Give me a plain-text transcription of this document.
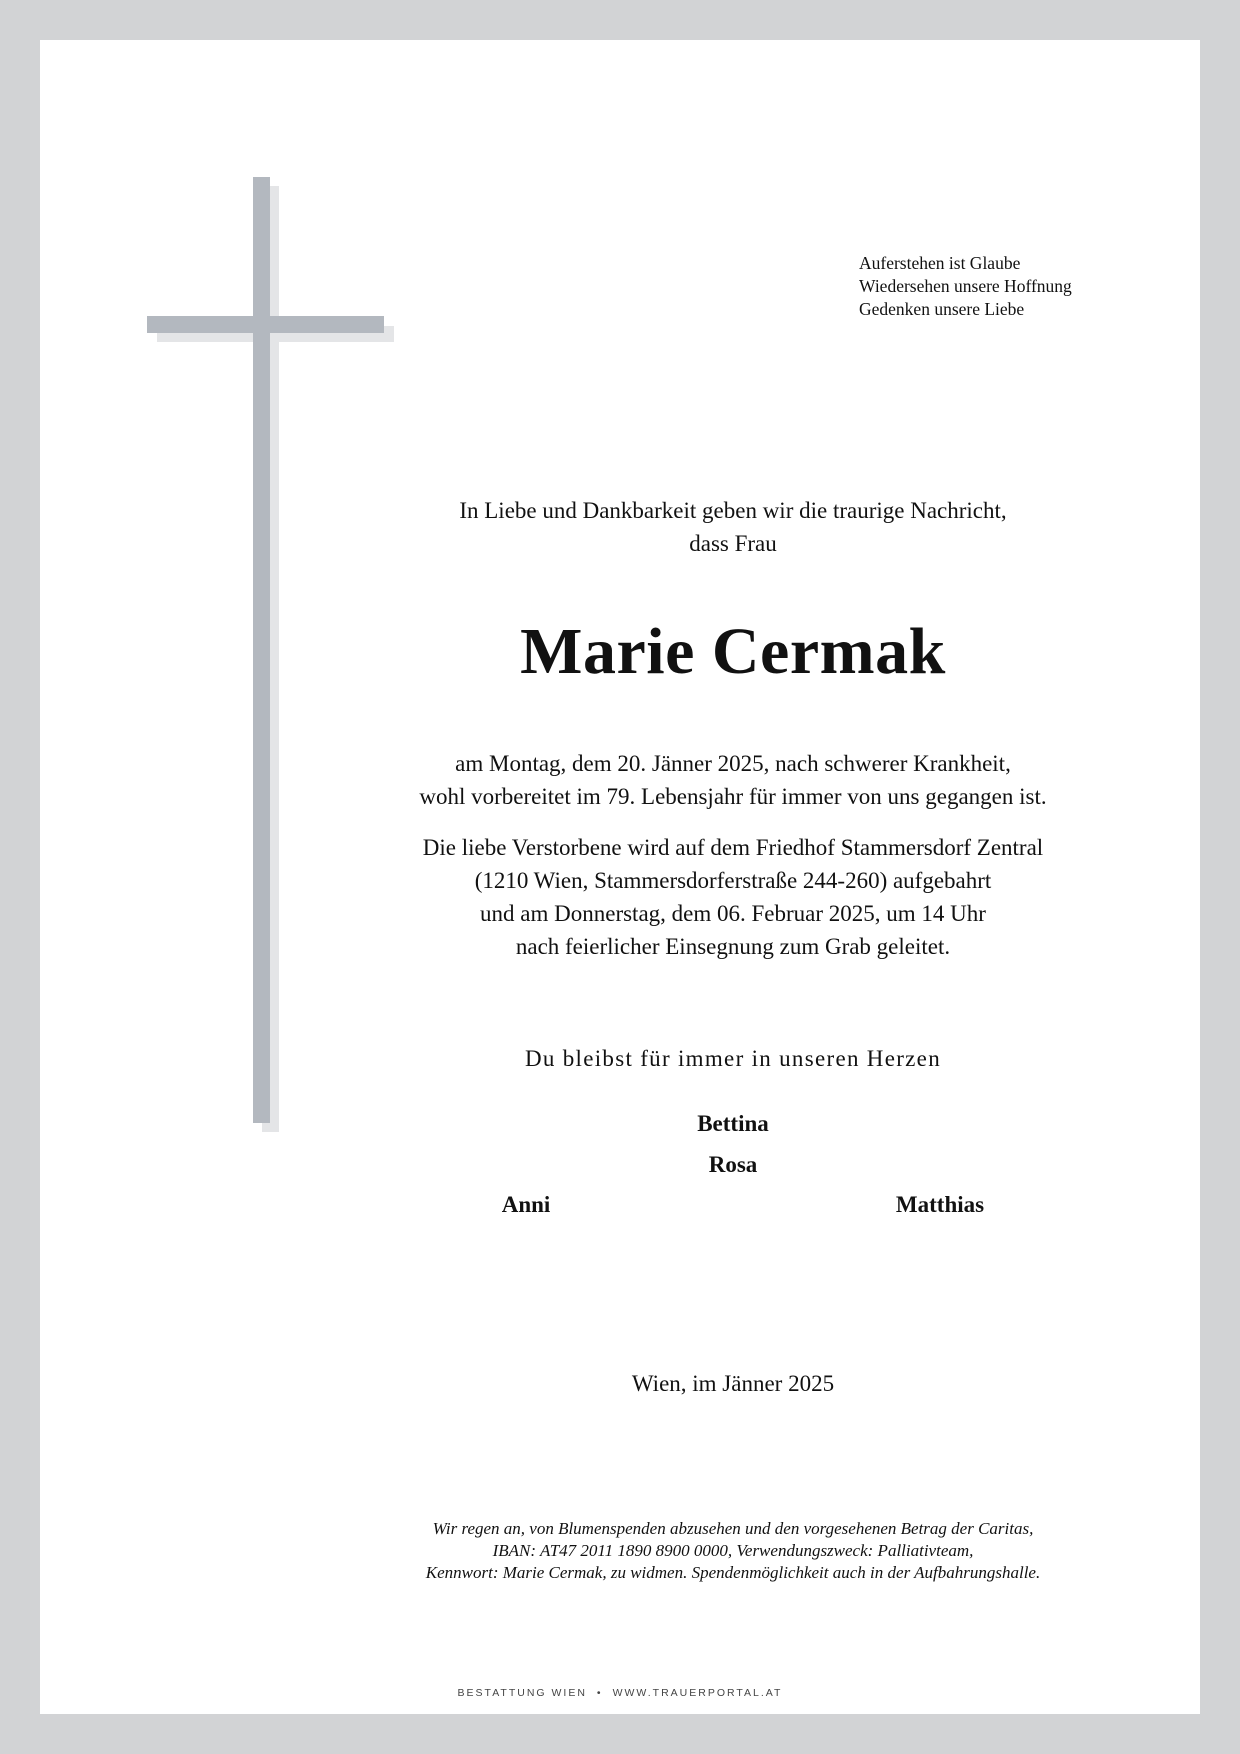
Auferstehen ist Glaube
Wiedersehen unsere Hoffnung
Gedenken unsere Liebe
In Liebe und Dankbarkeit geben wir die traurige Nachricht,
dass Frau
Marie Cermak
am Montag, dem 20. Jänner 2025, nach schwerer Krankheit,
wohl vorbereitet im 79. Lebensjahr für immer von uns gegangen ist.
Die liebe Verstorbene wird auf dem Friedhof Stammersdorf Zentral
(1210 Wien, Stammersdorferstraße 244-260) aufgebahrt
und am Donnerstag, dem 06. Februar 2025, um 14 Uhr
nach feierlicher Einsegnung zum Grab geleitet.
Du bleibst für immer in unseren Herzen
Bettina
Rosa
Anni	Matthias
Wien, im Jänner 2025
Wir regen an, von Blumenspenden abzusehen und den vorgesehenen Betrag der Caritas,
IBAN: AT47 2011 1890 8900 0000, Verwendungszweck: Palliativteam,
Kennwort: Marie Cermak, zu widmen. Spendenmöglichkeit auch in der Aufbahrungshalle.
BESTATTUNG WIEN • WWW.TRAUERPORTAL.AT
